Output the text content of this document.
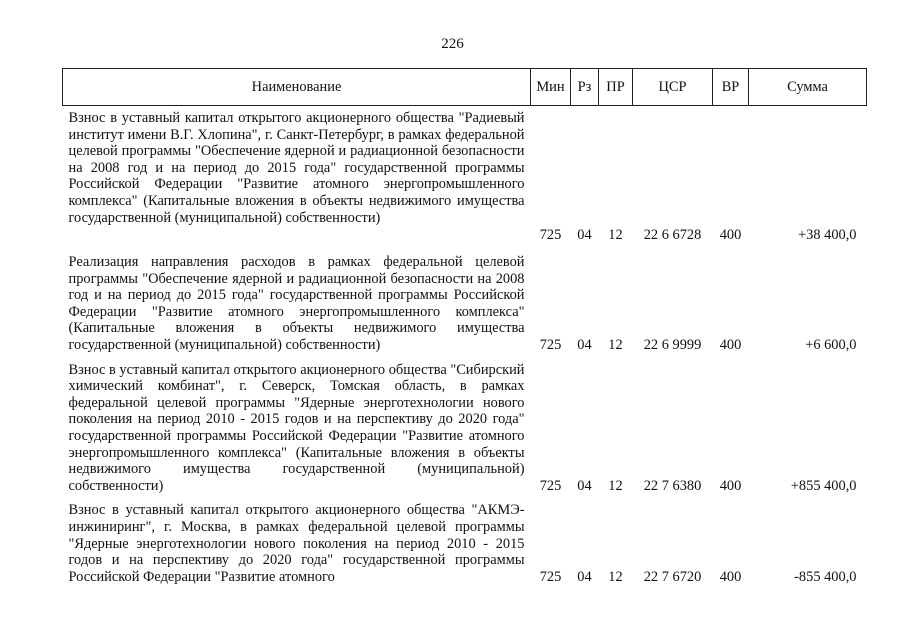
226
Наименование	Мин	Рз	ПР	ЦСР	ВР	Сумма
Взнос в уставный капитал открытого акционерного общества "Радиевый институт имени В.Г. Хлопина", г. Санкт-Петербург, в рамках федеральной целевой программы "Обеспечение ядерной и радиационной безопасности на 2008 год и на период до 2015 года" государственной программы Российской Федерации "Развитие атомного энергопромышленного комплекса" (Капитальные вложения в объекты недвижимого имущества государственной (муниципальной) собственности)	725	04	12	22 6 6728	400	+38 400,0
Реализация направления расходов в рамках федеральной целевой программы "Обеспечение ядерной и радиационной безопасности на 2008 год и на период до 2015 года" государственной программы Российской Федерации "Развитие атомного энергопромышленного комплекса" (Капитальные вложения в объекты недвижимого имущества государственной (муниципальной) собственности)	725	04	12	22 6 9999	400	+6 600,0
Взнос в уставный капитал открытого акционерного общества "Сибирский химический комбинат", г. Северск, Томская область, в рамках федеральной целевой программы "Ядерные энерготехнологии нового поколения на период 2010 - 2015 годов и на перспективу до 2020 года" государственной программы Российской Федерации "Развитие атомного энергопромышленного комплекса" (Капитальные вложения в объекты недвижимого имущества государственной (муниципальной) собственности)	725	04	12	22 7 6380	400	+855 400,0
Взнос в уставный капитал открытого акционерного общества "АКМЭ-инжиниринг", г. Москва, в рамках федеральной целевой программы "Ядерные энерготехнологии нового поколения на период 2010 - 2015 годов и на перспективу до 2020 года" государственной программы Российской Федерации "Развитие атомного	725	04	12	22 7 6720	400	-855 400,0
